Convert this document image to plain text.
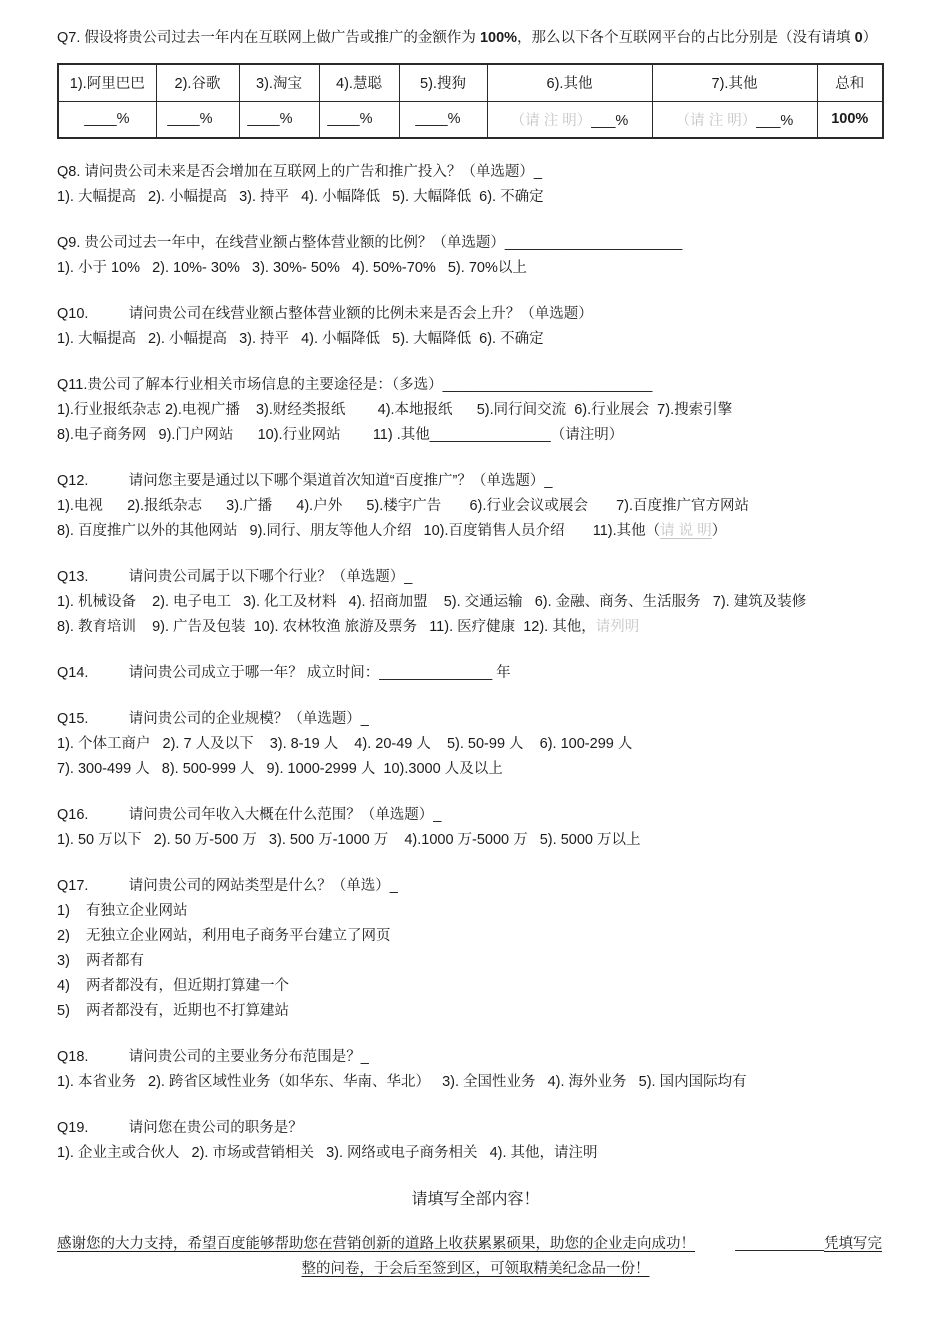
Q7. 假设将贵公司过去一年内在互联网上做广告或推广的金额作为 100%，那么以下各个互联网平台的占比分别是（没有请填 0）
1).阿里巴巴	2).谷歌	3).淘宝	4).慧聪	5).搜狗	6).其他	7).其他	总和
____%	____%	____%	____%	____%	（请 注 明）___%	（请 注 明）___%	100%
Q8. 请问贵公司未来是否会增加在互联网上的广告和推广投入？（单选题）_
1). 大幅提高   2). 小幅提高   3). 持平   4). 小幅降低   5). 大幅降低  6). 不确定
Q9. 贵公司过去一年中，在线营业额占整体营业额的比例？（单选题）______________________
1). 小于 10%   2). 10%- 30%   3). 30%- 50%   4). 50%-70%   5). 70%以上
Q10.          请问贵公司在线营业额占整体营业额的比例未来是否会上升？（单选题）
1). 大幅提高   2). 小幅提高   3). 持平   4). 小幅降低   5). 大幅降低  6). 不确定
Q11.贵公司了解本行业相关市场信息的主要途径是：（多选）__________________________
1).行业报纸杂志 2).电视广播    3).财经类报纸        4).本地报纸      5).同行间交流  6).行业展会  7).搜索引擎
8).电子商务网   9).门户网站      10).行业网站        11) .其他_______________（请注明）
Q12.          请问您主要是通过以下哪个渠道首次知道“百度推广”？（单选题）_
1).电视      2).报纸杂志      3).广播      4).户外      5).楼宇广告       6).行业会议或展会       7).百度推广官方网站
8). 百度推广以外的其他网站   9).同行、朋友等他人介绍   10).百度销售人员介绍       11).其他（请 说 明）
Q13.          请问贵公司属于以下哪个行业？（单选题）_
1). 机械设备    2). 电子电工   3). 化工及材料   4). 招商加盟    5). 交通运输   6). 金融、商务、生活服务   7). 建筑及装修
8). 教育培训    9). 广告及包装  10). 农林牧渔 旅游及票务   11). 医疗健康  12). 其他，请列明
Q14.          请问贵公司成立于哪一年？ 成立时间：______________ 年
Q15.          请问贵公司的企业规模？（单选题）_
1). 个体工商户   2). 7 人及以下    3). 8-19 人    4). 20-49 人    5). 50-99 人    6). 100-299 人
7). 300-499 人   8). 500-999 人   9). 1000-2999 人  10).3000 人及以上
Q16.          请问贵公司年收入大概在什么范围？（单选题）_
1). 50 万以下   2). 50 万-500 万   3). 500 万-1000 万    4).1000 万-5000 万   5). 5000 万以上
Q17.          请问贵公司的网站类型是什么？（单选）_
1)    有独立企业网站
2)    无独立企业网站，利用电子商务平台建立了网页
3)    两者都有
4)    两者都没有，但近期打算建一个
5)    两者都没有，近期也不打算建站
Q18.          请问贵公司的主要业务分布范围是？_
1). 本省业务   2). 跨省区域性业务（如华东、华南、华北）   3). 全国性业务   4). 海外业务   5). 国内国际均有
Q19.          请问您在贵公司的职务是？
1). 企业主或合伙人   2). 市场或营销相关   3). 网络或电子商务相关   4). 其他，请注明
请填写全部内容！
感谢您的大力支持，希望百度能够帮助您在营销创新的道路上收获累累硕果，助您的企业走向成功！	___________凭填写完
整的问卷，于会后至签到区，可领取精美纪念品一份！
